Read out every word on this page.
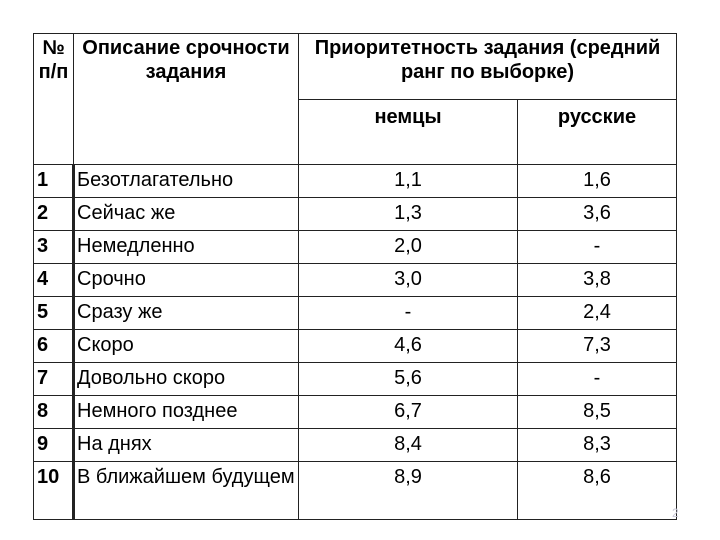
№ п/п	Описание срочности задания	Приоритетность задания (средний ранг по выборке)	

		немцы	русские

1	Безотлагательно	1,1	1,6

2	Сейчас же	1,3	3,6

3	Немедленно	2,0	-

4	Срочно	3,0	3,8

5	Сразу же	-	2,4

6	Скоро	4,6	7,3

7	Довольно скоро	5,6	-

8	Немного позднее	6,7	8,5

9	На днях	8,4	8,3

10	В ближайшем будущем	8,9	8,6
2
